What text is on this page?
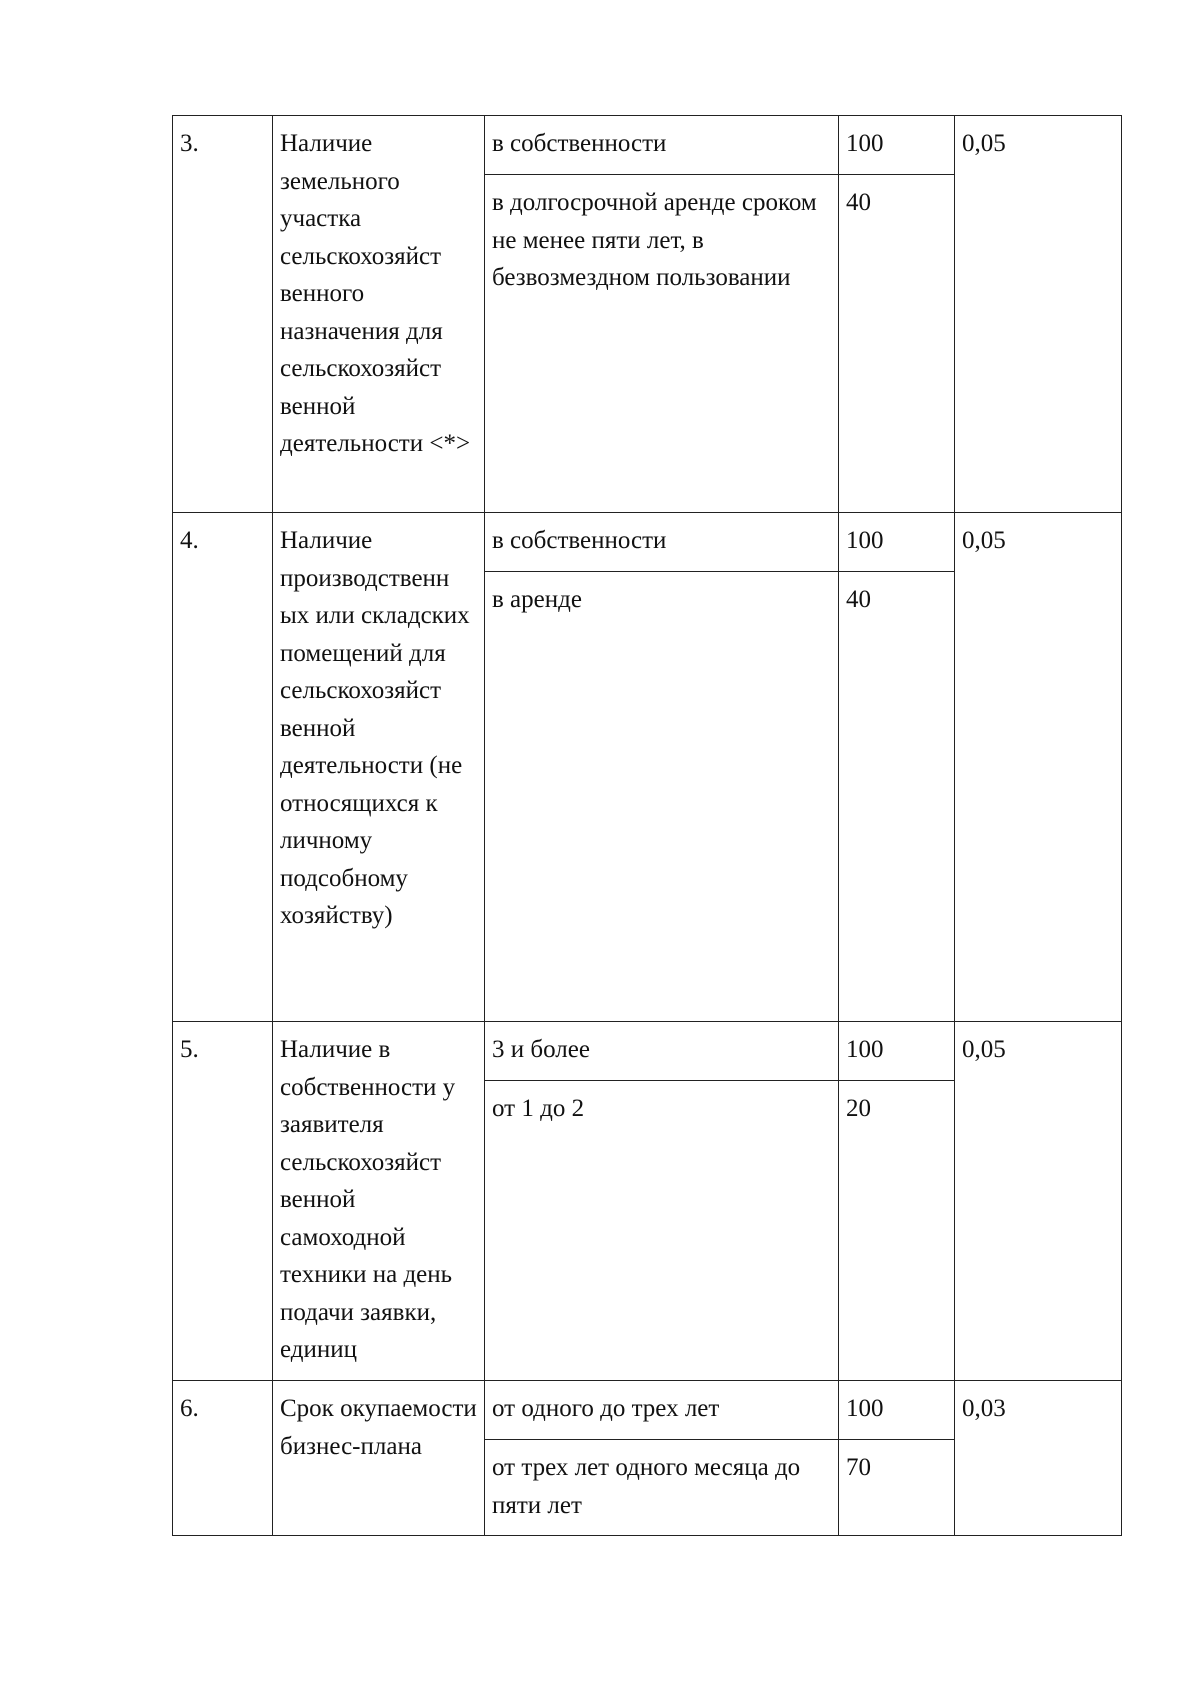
3.	Наличие земельного участка сельскохозяйст венного назначения для сельскохозяйст венной деятельности <*>	в собственности	100	0,05
		в долгосрочной аренде сроком не менее пяти лет, в безвозмездном пользовании	40	
4.	Наличие производственн ых или складских помещений для сельскохозяйст венной деятельности (не относящихся к личному подсобному хозяйству)	в собственности	100	0,05
		в аренде	40	
5.	Наличие в собственности у заявителя сельскохозяйст венной самоходной техники на день подачи заявки, единиц	3 и более	100	0,05
		от 1 до 2	20	
6.	Срок окупаемости бизнес-плана	от одного до трех лет	100	0,03
		от трех лет одного месяца до пяти лет	70	
